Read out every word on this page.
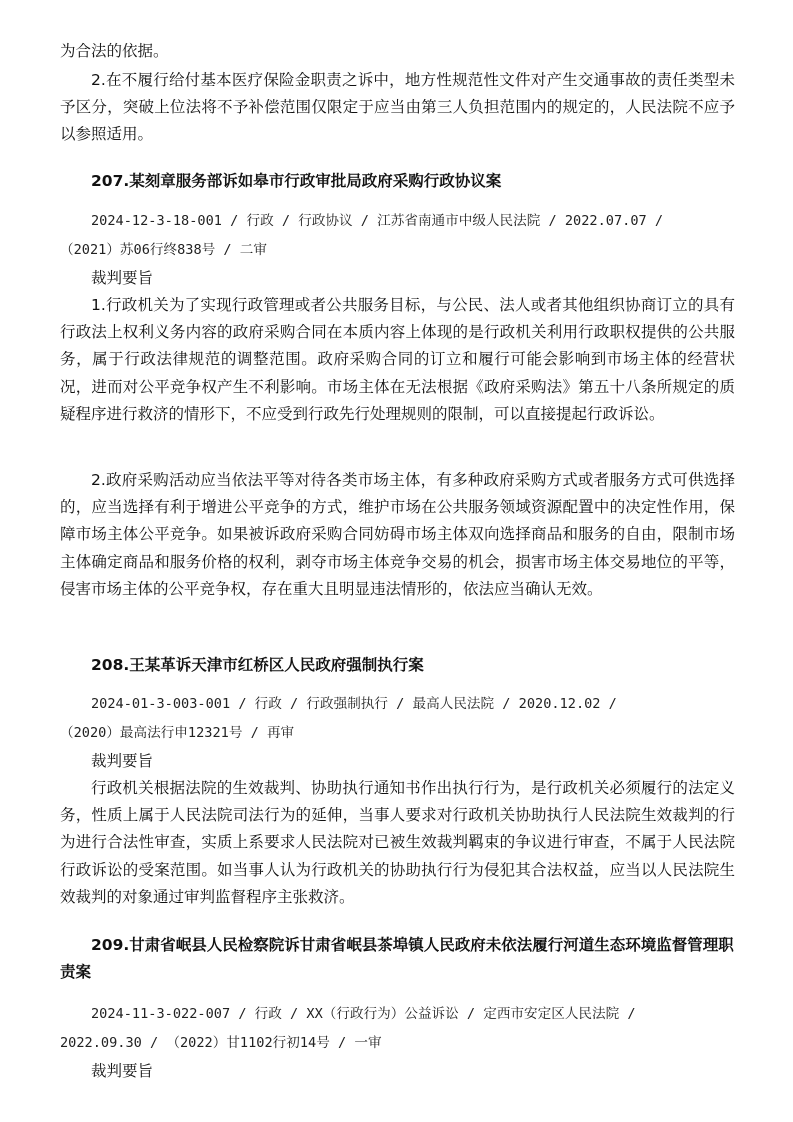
为合法的依据。

2.在不履行给付基本医疗保险金职责之诉中，地方性规范性文件对产生交通事故的责任类型未予区分，突破上位法将不予补偿范围仅限定于应当由第三人负担范围内的规定的，人民法院不应予以参照适用。

207.某刻章服务部诉如皋市行政审批局政府采购行政协议案

2024-12-3-18-001 / 行政 / 行政协议 / 江苏省南通市中级人民法院 / 2022.07.07 /

（2021）苏06行终838号 / 二审

裁判要旨

1.行政机关为了实现行政管理或者公共服务目标，与公民、法人或者其他组织协商订立的具有行政法上权利义务内容的政府采购合同在本质内容上体现的是行政机关利用行政职权提供的公共服务，属于行政法律规范的调整范围。政府采购合同的订立和履行可能会影响到市场主体的经营状况，进而对公平竞争权产生不利影响。市场主体在无法根据《政府采购法》第五十八条所规定的质疑程序进行救济的情形下，不应受到行政先行处理规则的限制，可以直接提起行政诉讼。

2.政府采购活动应当依法平等对待各类市场主体，有多种政府采购方式或者服务方式可供选择的，应当选择有利于增进公平竞争的方式，维护市场在公共服务领域资源配置中的决定性作用，保障市场主体公平竞争。如果被诉政府采购合同妨碍市场主体双向选择商品和服务的自由，限制市场主体确定商品和服务价格的权利，剥夺市场主体竞争交易的机会，损害市场主体交易地位的平等，侵害市场主体的公平竞争权，存在重大且明显违法情形的，依法应当确认无效。

208.王某革诉天津市红桥区人民政府强制执行案

2024-01-3-003-001 / 行政 / 行政强制执行 / 最高人民法院 / 2020.12.02 /

（2020）最高法行申12321号 / 再审

裁判要旨

行政机关根据法院的生效裁判、协助执行通知书作出执行行为，是行政机关必须履行的法定义务，性质上属于人民法院司法行为的延伸，当事人要求对行政机关协助执行人民法院生效裁判的行为进行合法性审查，实质上系要求人民法院对已被生效裁判羁束的争议进行审查，不属于人民法院行政诉讼的受案范围。如当事人认为行政机关的协助执行行为侵犯其合法权益，应当以人民法院生效裁判的对象通过审判监督程序主张救济。

209.甘肃省岷县人民检察院诉甘肃省岷县茶埠镇人民政府未依法履行河道生态环境监督管理职责案

2024-11-3-022-007 / 行政 / XX（行政行为）公益诉讼 / 定西市安定区人民法院 /

2022.09.30 / （2022）甘1102行初14号 / 一审

裁判要旨
